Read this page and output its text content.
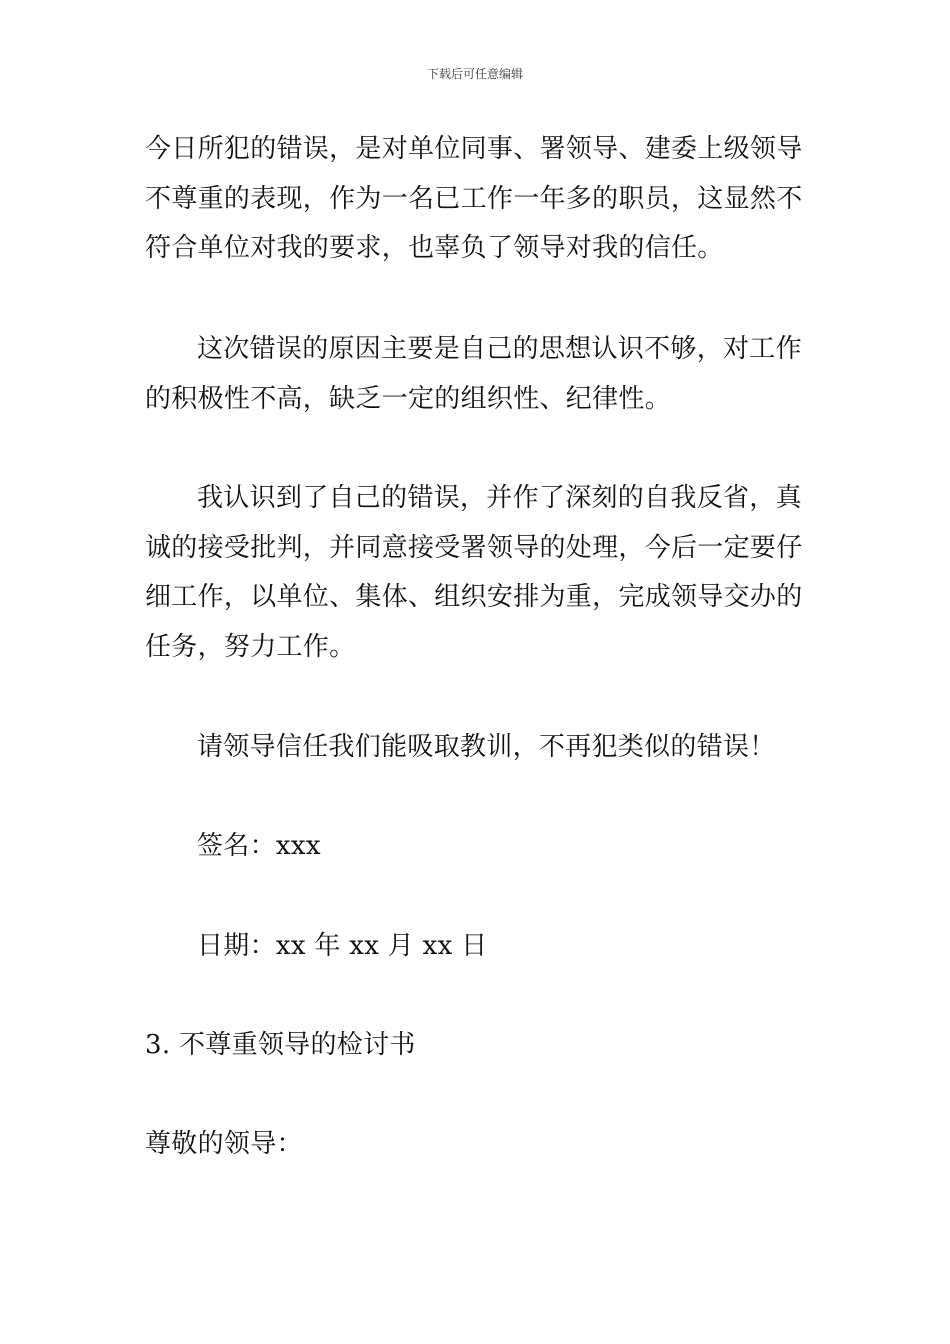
下载后可任意编辑

今日所犯的错误，是对单位同事、署领导、建委上级领导不尊重的表现，作为一名已工作一年多的职员，这显然不符合单位对我的要求，也辜负了领导对我的信任。

这次错误的原因主要是自己的思想认识不够，对工作的积极性不高，缺乏一定的组织性、纪律性。

我认识到了自己的错误，并作了深刻的自我反省，真诚的接受批判，并同意接受署领导的处理，今后一定要仔细工作，以单位、集体、组织安排为重，完成领导交办的任务，努力工作。

请领导信任我们能吸取教训，不再犯类似的错误！

签名：xxx

日期：xx 年 xx 月 xx 日

3. 不尊重领导的检讨书

尊敬的领导：
